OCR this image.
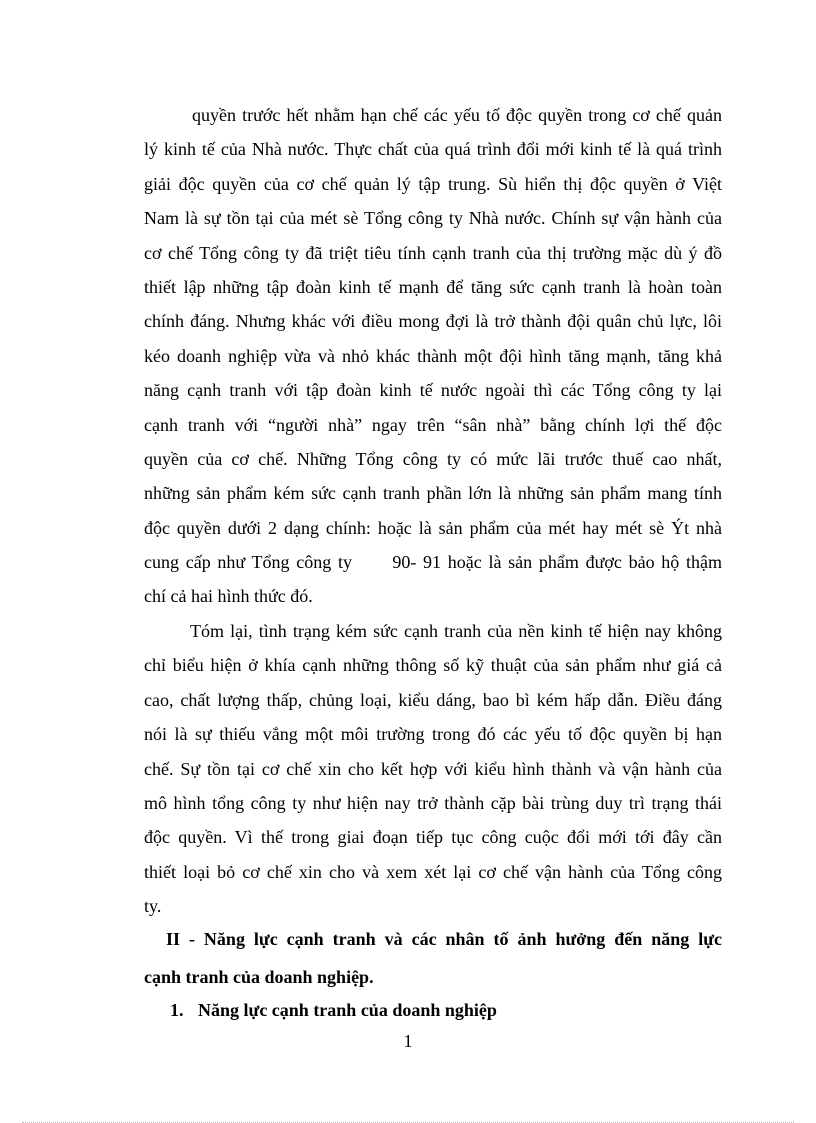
quyền trước hết nhằm hạn chế các yếu tố độc quyền trong cơ chế quản
lý kinh tế của Nhà nước. Thực chất của quá trình đổi mới kinh tế là quá trình
giải độc quyền của cơ chế quản lý tập trung. Sù hiển thị độc quyền ở Việt
Nam là sự tồn tại của mét sè Tổng công ty Nhà nước. Chính sự vận hành của
cơ chế Tổng công ty đã triệt tiêu tính cạnh tranh của thị trường mặc dù ý đồ
thiết lập những tập đoàn kinh tế mạnh để tăng sức cạnh tranh là hoàn toàn
chính đáng. Nhưng khác với điều mong đợi là trở thành đội quân chủ lực, lôi
kéo doanh nghiệp vừa và nhỏ khác thành một đội hình tăng mạnh, tăng khả
năng cạnh tranh với tập đoàn kinh tế nước ngoài thì các Tổng công ty lại
cạnh tranh với “người nhà” ngay trên “sân nhà” bằng chính lợi thế độc
quyền của cơ chế. Những Tổng công ty có mức lãi trước thuế cao nhất,
những sản phẩm kém sức cạnh tranh phần lớn là những sản phẩm mang tính
độc quyền dưới 2 dạng chính: hoặc là sản phẩm của mét hay mét sè Ýt nhà
cung cấp như Tổng công ty      90- 91 hoặc là sản phẩm được bảo hộ thậm
chí cả hai hình thức đó.
Tóm lại, tình trạng kém sức cạnh tranh của nền kinh tế hiện nay không
chỉ biểu hiện ở khía cạnh những thông số kỹ thuật của sản phẩm như giá cả
cao, chất lượng thấp, chủng loại, kiểu dáng, bao bì kém hấp dẫn. Điều đáng
nói là sự thiếu vắng một môi trường trong đó các yếu tố độc quyền bị hạn
chế. Sự tồn tại cơ chế xin cho kết hợp với kiểu hình thành và vận hành của
mô hình tổng công ty như hiện nay trở thành cặp bài trùng duy trì trạng thái
độc quyền. Vì thế trong giai đoạn tiếp tục công cuộc đổi mới tới đây cần
thiết loại bỏ cơ chế xin cho và xem xét lại cơ chế vận hành của Tổng công
ty.
II - Năng lực cạnh tranh và các nhân tố ảnh hưởng đến năng lực
cạnh tranh của doanh nghiệp.
1. Năng lực cạnh tranh của doanh nghiệp
1
